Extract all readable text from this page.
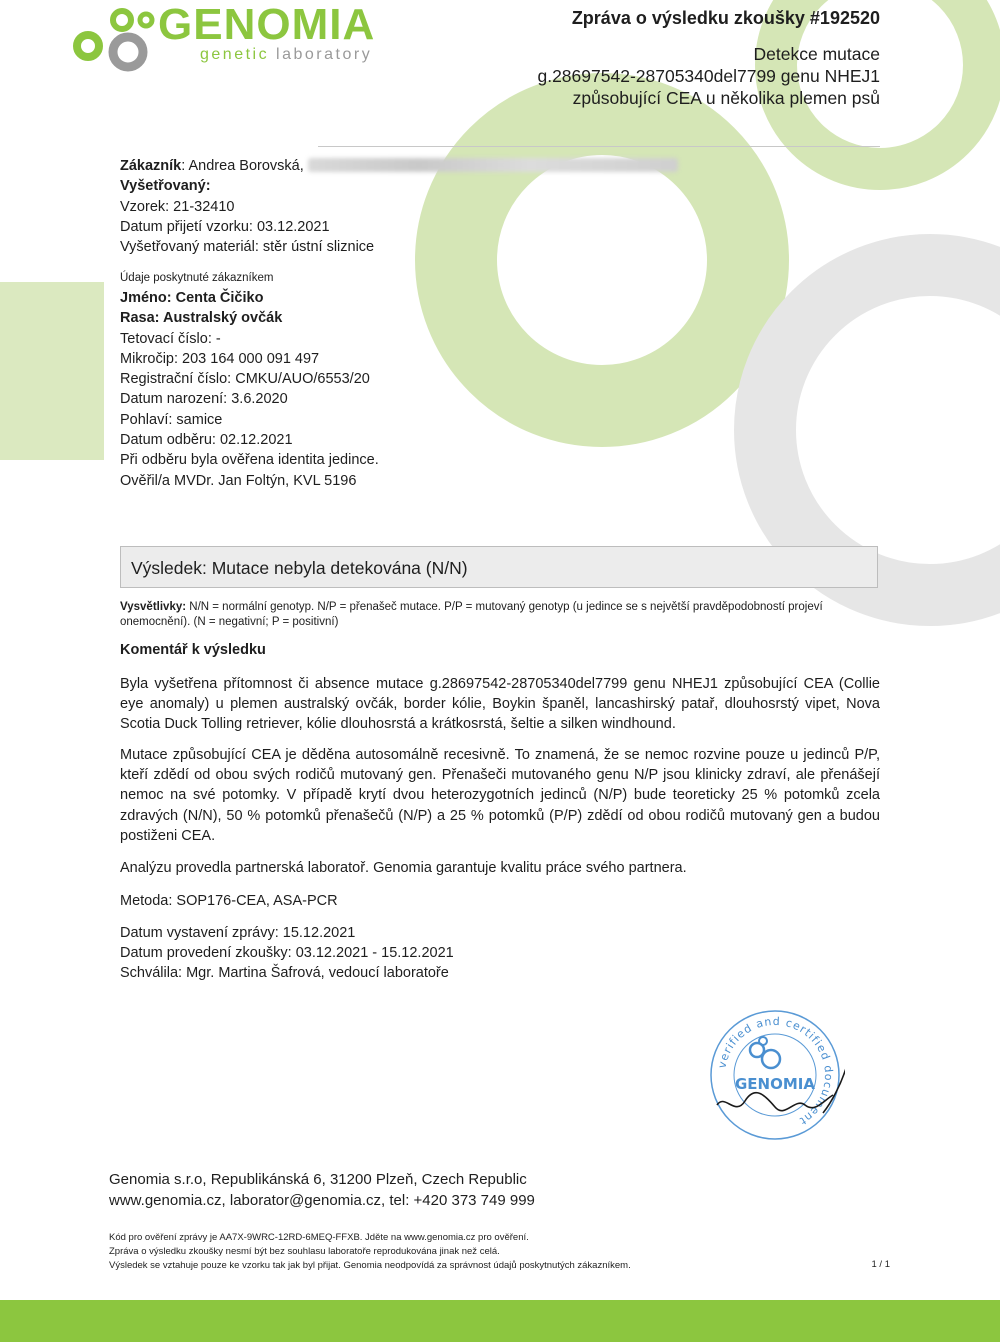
GENOMIA
genetic laboratory
Zpráva o výsledku zkoušky #192520
Detekce mutace
g.28697542-28705340del7799 genu NHEJ1
způsobující CEA u několika plemen psů
Zákazník: Andrea Borovská,
Vyšetřovaný:
Vzorek: 21-32410
Datum přijetí vzorku: 03.12.2021
Vyšetřovaný materiál: stěr ústní sliznice
Údaje poskytnuté zákazníkem
Jméno: Centa Čičiko
Rasa: Australský ovčák
Tetovací číslo: -
Mikročip: 203 164 000 091 497
Registrační číslo: CMKU/AUO/6553/20
Datum narození: 3.6.2020
Pohlaví: samice
Datum odběru: 02.12.2021
Při odběru byla ověřena identita jedince.
Ověřil/a MVDr. Jan Foltýn, KVL 5196
Výsledek: Mutace nebyla detekována (N/N)
Vysvětlivky: N/N = normální genotyp. N/P = přenašeč mutace. P/P = mutovaný genotyp (u jedince se s největší pravděpodobností projeví onemocnění). (N = negativní; P = positivní)
Komentář k výsledku
Byla vyšetřena přítomnost či absence mutace g.28697542-28705340del7799 genu NHEJ1 způsobující CEA (Collie eye anomaly) u plemen australský ovčák, border kólie, Boykin španěl, lancashirský patař, dlouhosrstý vipet, Nova Scotia Duck Tolling retriever, kólie dlouhosrstá a krátkosrstá, šeltie a silken windhound.
Mutace způsobující CEA je děděna autosomálně recesivně. To znamená, že se nemoc rozvine pouze u jedinců P/P, kteří zdědí od obou svých rodičů mutovaný gen. Přenašeči mutovaného genu N/P jsou klinicky zdraví, ale přenášejí nemoc na své potomky. V případě krytí dvou heterozygotních jedinců (N/P) bude teoreticky 25 % potomků zcela zdravých (N/N), 50 % potomků přenašečů (N/P) a 25 % potomků (P/P) zdědí od obou rodičů mutovaný gen a budou postiženi CEA.
Analýzu provedla partnerská laboratoř. Genomia garantuje kvalitu práce svého partnera.
Metoda: SOP176-CEA, ASA-PCR
Datum vystavení zprávy: 15.12.2021
Datum provedení zkoušky: 03.12.2021 - 15.12.2021
Schválila: Mgr. Martina Šafrová, vedoucí laboratoře
verified and certified document
GENOMIA
Genomia s.r.o, Republikánská 6, 31200 Plzeň, Czech Republic
www.genomia.cz, laborator@genomia.cz, tel: +420 373 749 999
Kód pro ověření zprávy je AA7X-9WRC-12RD-6MEQ-FFXB. Jděte na www.genomia.cz pro ověření.
Zpráva o výsledku zkoušky nesmí být bez souhlasu laboratoře reprodukována jinak než celá.
Výsledek se vztahuje pouze ke vzorku tak jak byl přijat. Genomia neodpovídá za správnost údajů poskytnutých zákazníkem.	1 / 1
